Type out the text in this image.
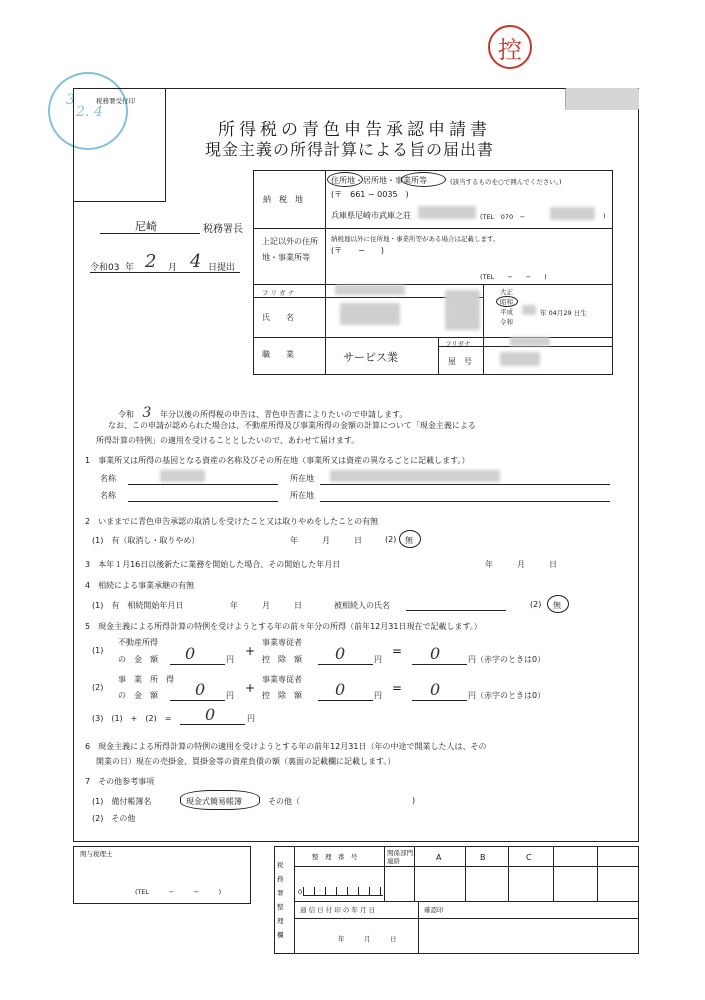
3
2. 4
控
税務署受付印
所得税の青色申告承認申請書
現金主義の所得計算による旨の届出書
尼崎	税務署長
令和03 年 2 月 4 日提出
納　税　地
住所地・居所地・事業所等	(該当するものを○で囲んでください。)
(〒　661 − 0035　)
兵庫県尼崎市武庫之荘	(TEL　070　−	)
上記以外の住所地・事業所等
納税地以外に住所地・事業所等がある場合は記載します。
(〒　　−　　)
(TEL　　−　　−　　)
フ リ ガ ナ
氏　　名
大正
昭和
平成
令和
年 04月29 日生
職　　業	サービス業
フリガナ
屋　号
令和 3 年分以後の所得税の申告は、青色申告書によりたいので申請します。
なお、この申請が認められた場合は、不動産所得及び事業所得の金額の計算について「現金主義による
所得計算の特例」の適用を受けることとしたいので、あわせて届けます。
1　事業所又は所得の基因となる資産の名称及びその所在地（事業所又は資産の異なるごとに記載します。）
名称	所在地
名称	所在地
2　いままでに青色申告承認の取消しを受けたこと又は取りやめをしたことの有無
(1)　有（取消し・取りやめ）	年　　　月　　　日	(2) 無
3　本年１月16日以後新たに業務を開始した場合、その開始した年月日	年　　　月　　　日
4　相続による事業承継の有無
(1)　有　相続開始年月日	年　　　月　　　日	被相続人の氏名	(2) 無
5　現金主義による所得計算の特例を受けようとする年の前々年分の所得（前年12月31日現在で記載します。）
(1)
不動産所得
の　金　額 0	円
+
事業専従者
控　除　額 0	円
= 0	円（赤字のときは0）
(2)
事　業　所　得
の　金　額 0	円
+
事業専従者
控　除　額 0	円
= 0	円（赤字のときは0）
(3)　(1)　+　(2)　= 0	円
6　現金主義による所得計算の特例の適用を受けようとする年の前年12月31日（年の中途で開業した人は、その
開業の日）現在の売掛金、買掛金等の資産負債の額（裏面の記載欄に記載します。）
7　その他参考事項
(1)　備付帳簿名	現金式簡易帳簿	その他（	)
(2)　その他
関与税理士
(TEL　　　−　　　−　　　)
税務署整理欄
整　理　番　号	関係部門連絡	A	B	C
0
通 信 日 付 印 の 年 月 日	確認印
年　　　月　　　日
